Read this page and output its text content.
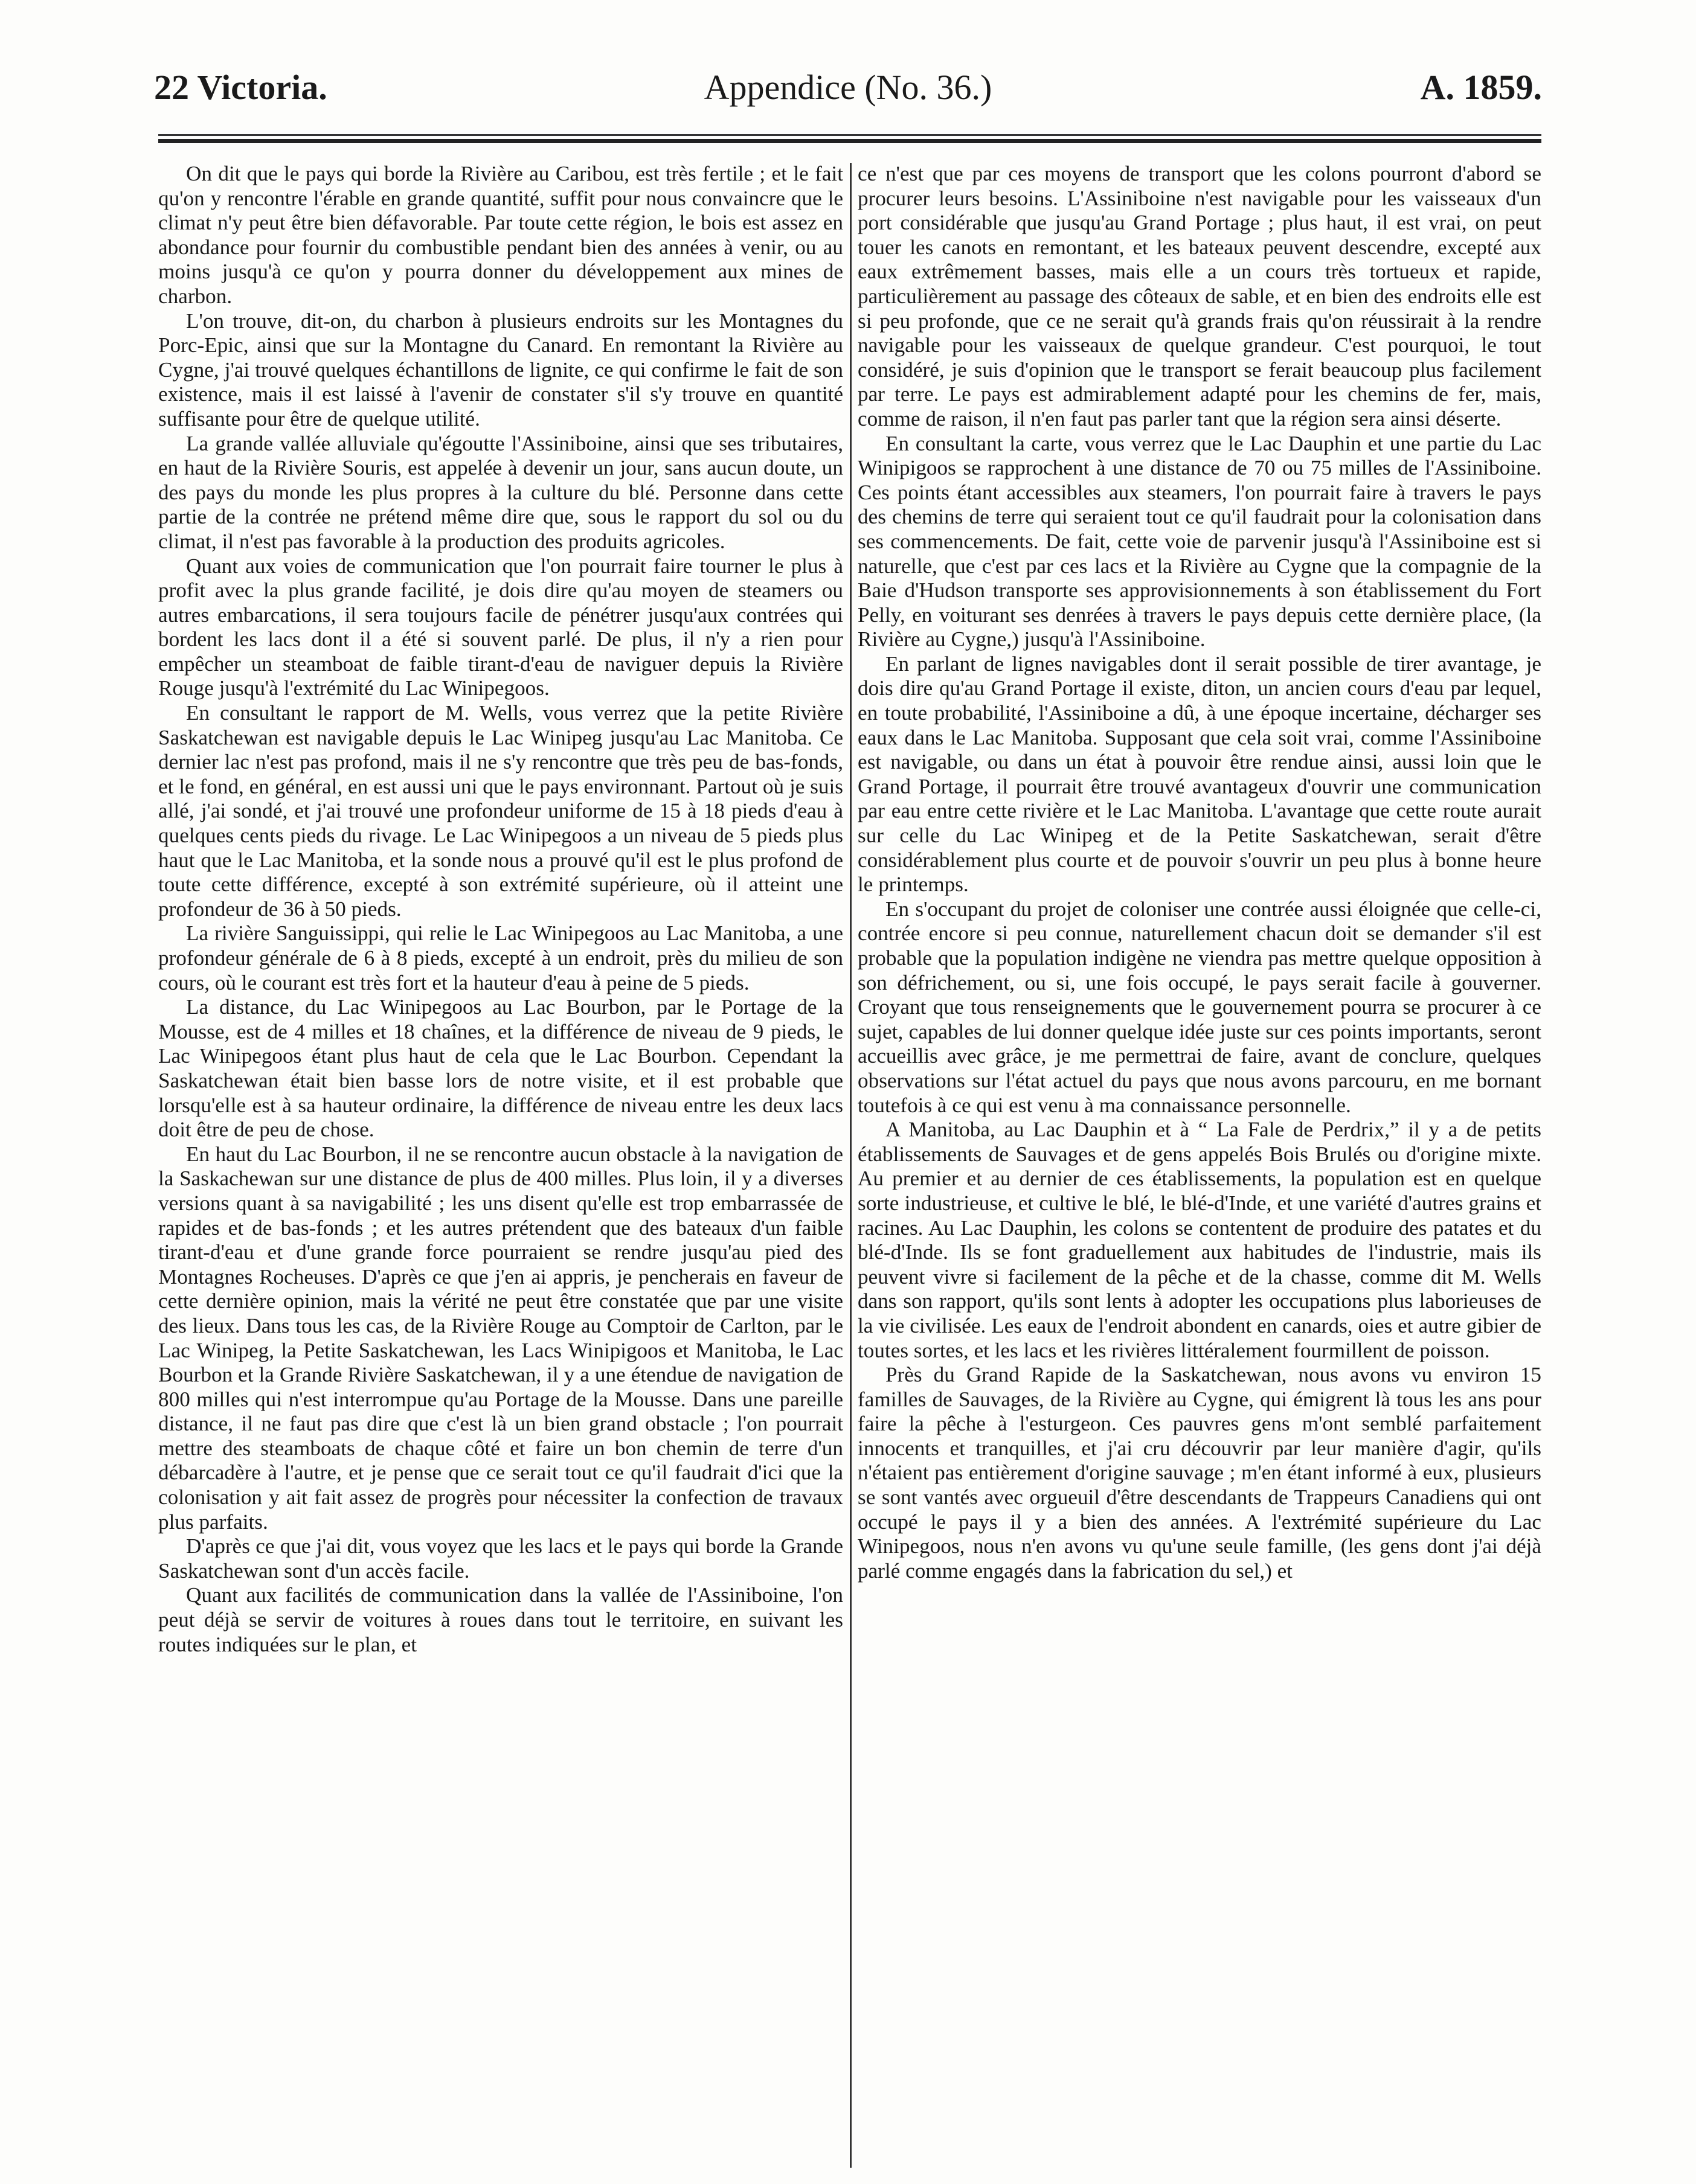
22 Victoria.	Appendice (No. 36.)	A. 1859.

On dit que le pays qui borde la Rivière au Caribou, est très fertile ; et le fait qu'on y rencontre l'érable en grande quantité, suffit pour nous convaincre que le climat n'y peut être bien défavorable. Par toute cette région, le bois est assez en abondance pour fournir du combustible pendant bien des années à venir, ou au moins jusqu'à ce qu'on y pourra donner du développement aux mines de charbon.

L'on trouve, dit-on, du charbon à plusieurs endroits sur les Montagnes du Porc-Epic, ainsi que sur la Montagne du Canard. En remontant la Rivière au Cygne, j'ai trouvé quelques échantillons de lignite, ce qui confirme le fait de son existence, mais il est laissé à l'avenir de constater s'il s'y trouve en quantité suffisante pour être de quelque utilité.

La grande vallée alluviale qu'égoutte l'Assiniboine, ainsi que ses tributaires, en haut de la Rivière Souris, est appelée à devenir un jour, sans aucun doute, un des pays du monde les plus propres à la culture du blé. Personne dans cette partie de la contrée ne prétend même dire que, sous le rapport du sol ou du climat, il n'est pas favorable à la production des produits agricoles.

Quant aux voies de communication que l'on pourrait faire tourner le plus à profit avec la plus grande facilité, je dois dire qu'au moyen de steamers ou autres embarcations, il sera toujours facile de pénétrer jusqu'aux contrées qui bordent les lacs dont il a été si souvent parlé. De plus, il n'y a rien pour empêcher un steamboat de faible tirant-d'eau de naviguer depuis la Rivière Rouge jusqu'à l'extrémité du Lac Winipegoos.

En consultant le rapport de M. Wells, vous verrez que la petite Rivière Saskatchewan est navigable depuis le Lac Winipeg jusqu'au Lac Manitoba. Ce dernier lac n'est pas profond, mais il ne s'y rencontre que très peu de bas-fonds, et le fond, en général, en est aussi uni que le pays environnant. Partout où je suis allé, j'ai sondé, et j'ai trouvé une profondeur uniforme de 15 à 18 pieds d'eau à quelques cents pieds du rivage. Le Lac Winipegoos a un niveau de 5 pieds plus haut que le Lac Manitoba, et la sonde nous a prouvé qu'il est le plus profond de toute cette différence, excepté à son extrémité supérieure, où il atteint une profondeur de 36 à 50 pieds.

La rivière Sanguissippi, qui relie le Lac Winipegoos au Lac Manitoba, a une profondeur générale de 6 à 8 pieds, excepté à un endroit, près du milieu de son cours, où le courant est très fort et la hauteur d'eau à peine de 5 pieds.

La distance, du Lac Winipegoos au Lac Bourbon, par le Portage de la Mousse, est de 4 milles et 18 chaînes, et la différence de niveau de 9 pieds, le Lac Winipegoos étant plus haut de cela que le Lac Bourbon. Cependant la Saskatchewan était bien basse lors de notre visite, et il est probable que lorsqu'elle est à sa hauteur ordinaire, la différence de niveau entre les deux lacs doit être de peu de chose.

En haut du Lac Bourbon, il ne se rencontre aucun obstacle à la navigation de la Saskachewan sur une distance de plus de 400 milles. Plus loin, il y a diverses versions quant à sa navigabilité ; les uns disent qu'elle est trop embarrassée de rapides et de bas-fonds ; et les autres prétendent que des bateaux d'un faible tirant-d'eau et d'une grande force pourraient se rendre jusqu'au pied des Montagnes Rocheuses. D'après ce que j'en ai appris, je pencherais en faveur de cette dernière opinion, mais la vérité ne peut être constatée que par une visite des lieux. Dans tous les cas, de la Rivière Rouge au Comptoir de Carlton, par le Lac Winipeg, la Petite Saskatchewan, les Lacs Winipigoos et Manitoba, le Lac Bourbon et la Grande Rivière Saskatchewan, il y a une étendue de navigation de 800 milles qui n'est interrompue qu'au Portage de la Mousse. Dans une pareille distance, il ne faut pas dire que c'est là un bien grand obstacle ; l'on pourrait mettre des steamboats de chaque côté et faire un bon chemin de terre d'un débarcadère à l'autre, et je pense que ce serait tout ce qu'il faudrait d'ici que la colonisation y ait fait assez de progrès pour nécessiter la confection de travaux plus parfaits.

D'après ce que j'ai dit, vous voyez que les lacs et le pays qui borde la Grande Saskatchewan sont d'un accès facile.

Quant aux facilités de communication dans la vallée de l'Assiniboine, l'on peut déjà se servir de voitures à roues dans tout le territoire, en suivant les routes indiquées sur le plan, et

ce n'est que par ces moyens de transport que les colons pourront d'abord se procurer leurs besoins. L'Assiniboine n'est navigable pour les vaisseaux d'un port considérable que jusqu'au Grand Portage ; plus haut, il est vrai, on peut touer les canots en remontant, et les bateaux peuvent descendre, excepté aux eaux extrêmement basses, mais elle a un cours très tortueux et rapide, particulièrement au passage des côteaux de sable, et en bien des endroits elle est si peu profonde, que ce ne serait qu'à grands frais qu'on réussirait à la rendre navigable pour les vaisseaux de quelque grandeur. C'est pourquoi, le tout considéré, je suis d'opinion que le transport se ferait beaucoup plus facilement par terre. Le pays est admirablement adapté pour les chemins de fer, mais, comme de raison, il n'en faut pas parler tant que la région sera ainsi déserte.

En consultant la carte, vous verrez que le Lac Dauphin et une partie du Lac Winipigoos se rapprochent à une distance de 70 ou 75 milles de l'Assiniboine. Ces points étant accessibles aux steamers, l'on pourrait faire à travers le pays des chemins de terre qui seraient tout ce qu'il faudrait pour la colonisation dans ses commencements. De fait, cette voie de parvenir jusqu'à l'Assiniboine est si naturelle, que c'est par ces lacs et la Rivière au Cygne que la compagnie de la Baie d'Hudson transporte ses approvisionnements à son établissement du Fort Pelly, en voiturant ses denrées à travers le pays depuis cette dernière place, (la Rivière au Cygne,) jusqu'à l'Assiniboine.

En parlant de lignes navigables dont il serait possible de tirer avantage, je dois dire qu'au Grand Portage il existe, diton, un ancien cours d'eau par lequel, en toute probabilité, l'Assiniboine a dû, à une époque incertaine, décharger ses eaux dans le Lac Manitoba. Supposant que cela soit vrai, comme l'Assiniboine est navigable, ou dans un état à pouvoir être rendue ainsi, aussi loin que le Grand Portage, il pourrait être trouvé avantageux d'ouvrir une communication par eau entre cette rivière et le Lac Manitoba. L'avantage que cette route aurait sur celle du Lac Winipeg et de la Petite Saskatchewan, serait d'être considérablement plus courte et de pouvoir s'ouvrir un peu plus à bonne heure le printemps.

En s'occupant du projet de coloniser une contrée aussi éloignée que celle-ci, contrée encore si peu connue, naturellement chacun doit se demander s'il est probable que la population indigène ne viendra pas mettre quelque opposition à son défrichement, ou si, une fois occupé, le pays serait facile à gouverner. Croyant que tous renseignements que le gouvernement pourra se procurer à ce sujet, capables de lui donner quelque idée juste sur ces points importants, seront accueillis avec grâce, je me permettrai de faire, avant de conclure, quelques observations sur l'état actuel du pays que nous avons parcouru, en me bornant toutefois à ce qui est venu à ma connaissance personnelle.

A Manitoba, au Lac Dauphin et à “ La Fale de Perdrix,” il y a de petits établissements de Sauvages et de gens appelés Bois Brulés ou d'origine mixte. Au premier et au dernier de ces établissements, la population est en quelque sorte industrieuse, et cultive le blé, le blé-d'Inde, et une variété d'autres grains et racines. Au Lac Dauphin, les colons se contentent de produire des patates et du blé-d'Inde. Ils se font graduellement aux habitudes de l'industrie, mais ils peuvent vivre si facilement de la pêche et de la chasse, comme dit M. Wells dans son rapport, qu'ils sont lents à adopter les occupations plus laborieuses de la vie civilisée. Les eaux de l'endroit abondent en canards, oies et autre gibier de toutes sortes, et les lacs et les rivières littéralement fourmillent de poisson.

Près du Grand Rapide de la Saskatchewan, nous avons vu environ 15 familles de Sauvages, de la Rivière au Cygne, qui émigrent là tous les ans pour faire la pêche à l'esturgeon. Ces pauvres gens m'ont semblé parfaitement innocents et tranquilles, et j'ai cru découvrir par leur manière d'agir, qu'ils n'étaient pas entièrement d'origine sauvage ; m'en étant informé à eux, plusieurs se sont vantés avec orgueuil d'être descendants de Trappeurs Canadiens qui ont occupé le pays il y a bien des années. A l'extrémité supérieure du Lac Winipegoos, nous n'en avons vu qu'une seule famille, (les gens dont j'ai déjà parlé comme engagés dans la fabrication du sel,) et
